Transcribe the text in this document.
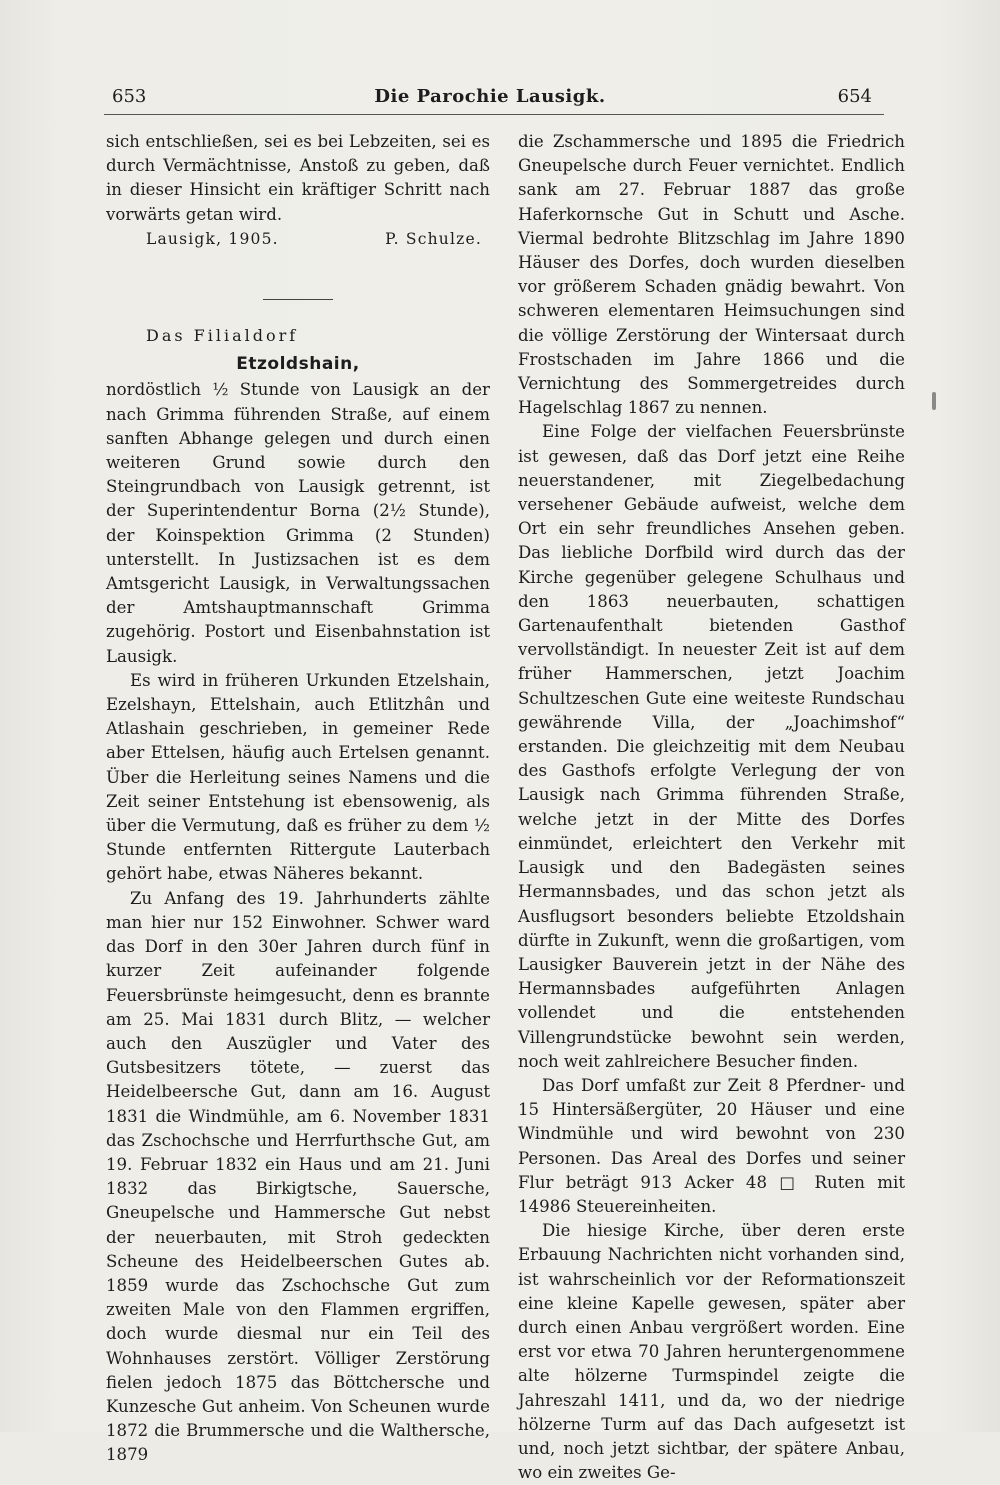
653	Die Parochie Lausigk.	654

sich entschließen, sei es bei Lebzeiten, sei es durch Vermächtnisse, Anstoß zu geben, daß in dieser Hinsicht ein kräftiger Schritt nach vorwärts getan wird.

Lausigk, 1905.	P. Schulze.
Das Filialdorf
Etzoldshain,

nordöstlich ½ Stunde von Lausigk an der nach Grimma führenden Straße, auf einem sanften Abhange gelegen und durch einen weiteren Grund sowie durch den Steingrundbach von Lausigk getrennt, ist der Superintendentur Borna (2½ Stunde), der Koinspektion Grimma (2 Stunden) unterstellt. In Justizsachen ist es dem Amtsgericht Lausigk, in Verwaltungssachen der Amtshauptmannschaft Grimma zugehörig. Postort und Eisenbahnstation ist Lausigk.

Es wird in früheren Urkunden Etzelshain, Ezelshayn, Ettelshain, auch Etlitzhân und Atlashain geschrieben, in gemeiner Rede aber Ettelsen, häufig auch Ertelsen genannt. Über die Herleitung seines Namens und die Zeit seiner Entstehung ist ebensowenig, als über die Vermutung, daß es früher zu dem ½ Stunde entfernten Rittergute Lauterbach gehört habe, etwas Näheres bekannt.

Zu Anfang des 19. Jahrhunderts zählte man hier nur 152 Einwohner. Schwer ward das Dorf in den 30er Jahren durch fünf in kurzer Zeit aufeinander folgende Feuersbrünste heimgesucht, denn es brannte am 25. Mai 1831 durch Blitz, — welcher auch den Auszügler und Vater des Gutsbesitzers tötete, — zuerst das Heidelbeersche Gut, dann am 16. August 1831 die Windmühle, am 6. November 1831 das Zschochsche und Herrfurthsche Gut, am 19. Februar 1832 ein Haus und am 21. Juni 1832 das Birkigtsche, Sauersche, Gneupelsche und Hammersche Gut nebst der neuerbauten, mit Stroh gedeckten Scheune des Heidelbeerschen Gutes ab. 1859 wurde das Zschochsche Gut zum zweiten Male von den Flammen ergriffen, doch wurde diesmal nur ein Teil des Wohnhauses zerstört. Völliger Zerstörung fielen jedoch 1875 das Böttchersche und Kunzesche Gut anheim. Von Scheunen wurde 1872 die Brummersche und die Walthersche, 1879

die Zschammersche und 1895 die Friedrich Gneupelsche durch Feuer vernichtet. Endlich sank am 27. Februar 1887 das große Haferkornsche Gut in Schutt und Asche. Viermal bedrohte Blitzschlag im Jahre 1890 Häuser des Dorfes, doch wurden dieselben vor größerem Schaden gnädig bewahrt. Von schweren elementaren Heimsuchungen sind die völlige Zerstörung der Wintersaat durch Frostschaden im Jahre 1866 und die Vernichtung des Sommergetreides durch Hagelschlag 1867 zu nennen.

Eine Folge der vielfachen Feuersbrünste ist gewesen, daß das Dorf jetzt eine Reihe neuerstandener, mit Ziegelbedachung versehener Gebäude aufweist, welche dem Ort ein sehr freundliches Ansehen geben. Das liebliche Dorfbild wird durch das der Kirche gegenüber gelegene Schulhaus und den 1863 neuerbauten, schattigen Gartenaufenthalt bietenden Gasthof vervollständigt. In neuester Zeit ist auf dem früher Hammerschen, jetzt Joachim Schultzeschen Gute eine weiteste Rundschau gewährende Villa, der „Joachimshof“ erstanden. Die gleichzeitig mit dem Neubau des Gasthofs erfolgte Verlegung der von Lausigk nach Grimma führenden Straße, welche jetzt in der Mitte des Dorfes einmündet, erleichtert den Verkehr mit Lausigk und den Badegästen seines Hermannsbades, und das schon jetzt als Ausflugsort besonders beliebte Etzoldshain dürfte in Zukunft, wenn die großartigen, vom Lausigker Bauverein jetzt in der Nähe des Hermannsbades aufgeführten Anlagen vollendet und die entstehenden Villengrundstücke bewohnt sein werden, noch weit zahlreichere Besucher finden.

Das Dorf umfaßt zur Zeit 8 Pferdner- und 15 Hintersäßergüter, 20 Häuser und eine Windmühle und wird bewohnt von 230 Personen. Das Areal des Dorfes und seiner Flur beträgt 913 Acker 48 □ Ruten mit 14986 Steuereinheiten.

Die hiesige Kirche, über deren erste Erbauung Nachrichten nicht vorhanden sind, ist wahrscheinlich vor der Reformationszeit eine kleine Kapelle gewesen, später aber durch einen Anbau vergrößert worden. Eine erst vor etwa 70 Jahren heruntergenommene alte hölzerne Turmspindel zeigte die Jahreszahl 1411, und da, wo der niedrige hölzerne Turm auf das Dach aufgesetzt ist und, noch jetzt sichtbar, der spätere Anbau, wo ein zweites Ge-
